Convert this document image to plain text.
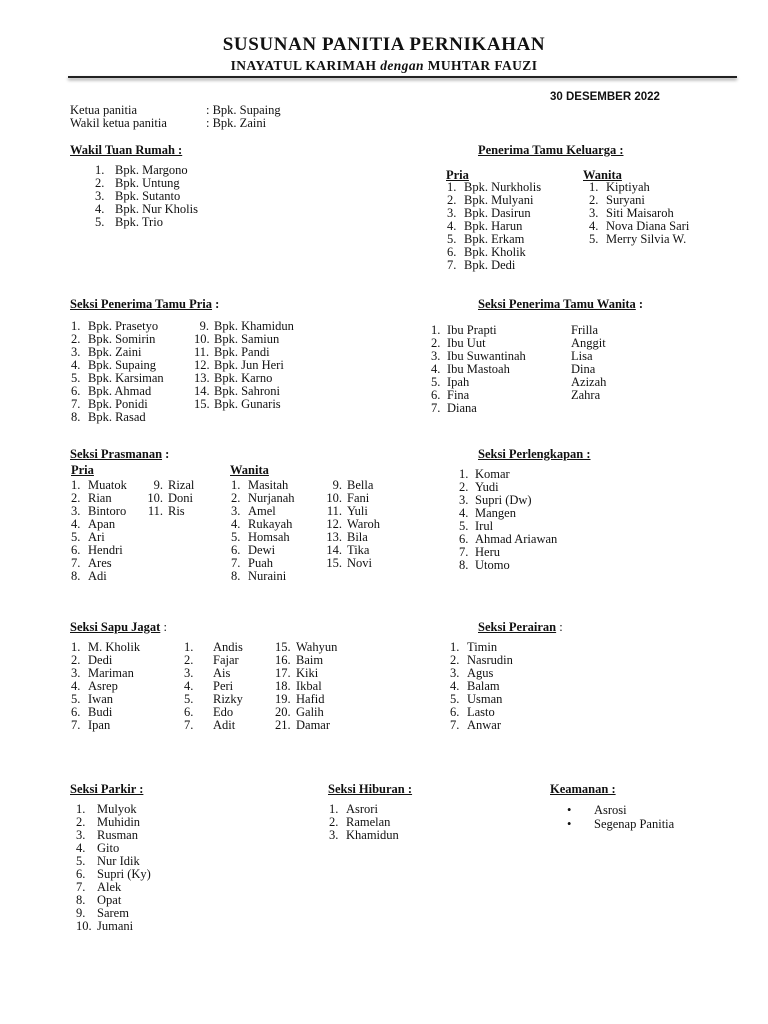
SUSUNAN PANITIA PERNIKAHAN
INAYATUL KARIMAH dengan MUHTAR FAUZI
30 DESEMBER 2022
Ketua panitia	: Bpk. Supaing
Wakil ketua panitia	: Bpk. Zaini
Wakil Tuan Rumah :
1. Bpk. Margono
2. Bpk. Untung
3. Bpk. Sutanto
4. Bpk. Nur Kholis
5. Bpk. Trio
Penerima Tamu Keluarga :
Pria
1. Bpk. Nurkholis
2. Bpk. Mulyani
3. Bpk. Dasirun
4. Bpk. Harun
5. Bpk. Erkam
6. Bpk. Kholik
7. Bpk. Dedi
Wanita
1. Kiptiyah
2. Suryani
3. Siti Maisaroh
4. Nova Diana Sari
5. Merry Silvia W.
Seksi Penerima Tamu Pria :
1. Bpk. Prasetyo
2. Bpk. Somirin
3. Bpk. Zaini
4. Bpk. Supaing
5. Bpk. Karsiman
6. Bpk. Ahmad
7. Bpk. Ponidi
8. Bpk. Rasad
9. Bpk. Khamidun
10. Bpk. Samiun
11. Bpk. Pandi
12. Bpk. Jun Heri
13. Bpk. Karno
14. Bpk. Sahroni
15. Bpk. Gunaris
Seksi Penerima Tamu Wanita :
1. Ibu Prapti
2. Ibu Uut
3. Ibu Suwantinah
4. Ibu Mastoah
5. Ipah
6. Fina
7. Diana
Frilla
Anggit
Lisa
Dina
Azizah
Zahra
Seksi Prasmanan :
Pria
1. Muatok
2. Rian
3. Bintoro
4. Apan
5. Ari
6. Hendri
7. Ares
8. Adi
9. Rizal
10. Doni
11. Ris
Wanita
1. Masitah
2. Nurjanah
3. Amel
4. Rukayah
5. Homsah
6. Dewi
7. Puah
8. Nuraini
9. Bella
10. Fani
11. Yuli
12. Waroh
13. Bila
14. Tika
15. Novi
Seksi Perlengkapan :
1. Komar
2. Yudi
3. Supri (Dw)
4. Mangen
5. Irul
6. Ahmad Ariawan
7. Heru
8. Utomo
Seksi Sapu Jagat :
1. M. Kholik
2. Dedi
3. Mariman
4. Asrep
5. Iwan
6. Budi
7. Ipan
1. Andis
2. Fajar
3. Ais
4. Peri
5. Rizky
6. Edo
7. Adit
15. Wahyun
16. Baim
17. Kiki
18. Ikbal
19. Hafid
20. Galih
21. Damar
Seksi Perairan :
1. Timin
2. Nasrudin
3. Agus
4. Balam
5. Usman
6. Lasto
7. Anwar
Seksi Parkir :
1. Mulyok
2. Muhidin
3. Rusman
4. Gito
5. Nur Idik
6. Supri (Ky)
7. Alek
8. Opat
9. Sarem
10. Jumani
Seksi Hiburan :
1. Asrori
2. Ramelan
3. Khamidun
Keamanan :
• Asrosi
• Segenap Panitia
